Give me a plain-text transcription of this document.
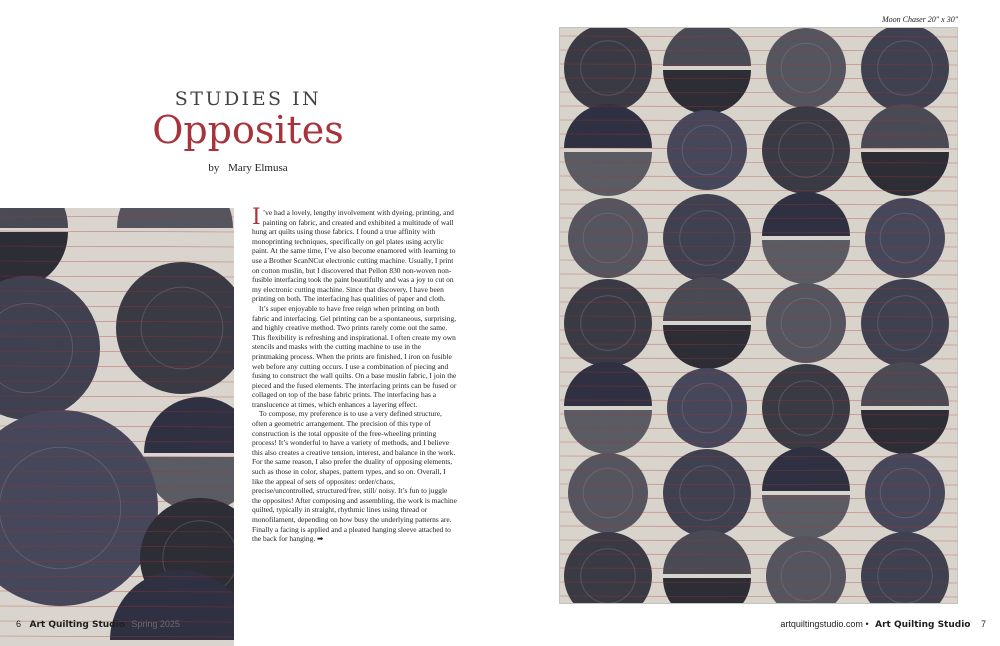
STUDIES IN
Opposites
by Mary Elmusa

I ’ve had a lovely, lengthy involvement with dyeing, printing, and painting on fabric, and created and exhibited a multitude of wall hung art quilts using those fabrics. I found a true affinity with monoprinting techniques, specifically on gel plates using acrylic paint. At the same time, I’ve also become enamored with learning to use a Brother ScanNCut electronic cutting machine. Usually, I print on cotton muslin, but I discovered that Pellon 830 non-woven non-fusible interfacing took the paint beautifully and was a joy to cut on my electronic cutting machine. Since that discovery, I have been printing on both. The interfacing has qualities of paper and cloth.

It’s super enjoyable to have free reign when printing on both fabric and interfacing. Gel printing can be a spontaneous, surprising, and highly creative method. Two prints rarely come out the same. This flexibility is refreshing and inspirational. I often create my own stencils and masks with the cutting machine to use in the printmaking process. When the prints are finished, I iron on fusible web before any cutting occurs. I use a combination of piecing and fusing to construct the wall quilts. On a base muslin fabric, I join the pieced and the fused elements. The interfacing prints can be fused or collaged on top of the base fabric prints. The interfacing has a translucence at times, which enhances a layering effect.

To compose, my preference is to use a very defined structure, often a geometric arrangement. The precision of this type of construction is the total opposite of the free-wheeling printing process! It’s wonderful to have a variety of methods, and I believe this also creates a creative tension, interest, and balance in the work. For the same reason, I also prefer the duality of opposing elements, such as those in color, shapes, pattern types, and so on. Overall, I like the appeal of sets of opposites: order/chaos, precise/uncontrolled, structured/free, still/ noisy. It’s fun to juggle the opposites! After composing and assembling, the work is machine quilted, typically in straight, rhythmic lines using thread or monofilament, depending on how busy the underlying patterns are. Finally a facing is applied and a pleated hanging sleeve attached to the back for hanging. ➡

6 Art Quilting Studio Spring 2025
Moon Chaser 20" x 30"
artquiltingstudio.com • Art Quilting Studio 7
